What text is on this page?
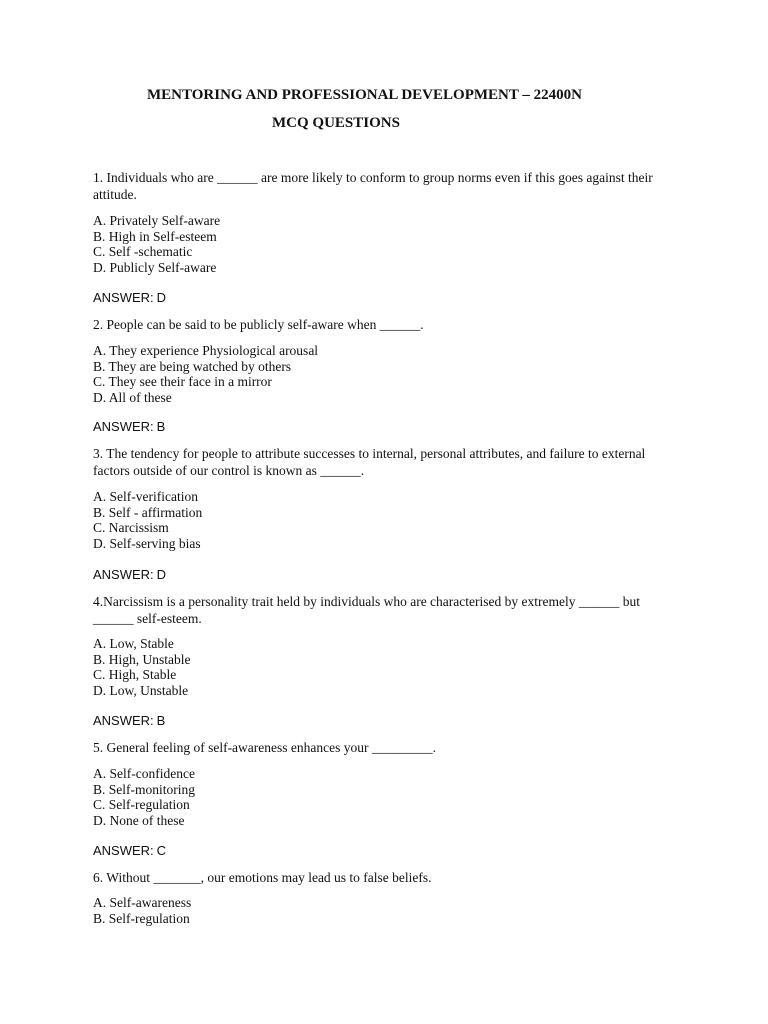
MENTORING AND PROFESSIONAL DEVELOPMENT – 22400N
MCQ QUESTIONS

1. Individuals who are ______ are more likely to conform to group norms even if this goes against their attitude.

A. Privately Self-aware
B. High in Self-esteem
C. Self -schematic
D. Publicly Self-aware

ANSWER: D

2. People can be said to be publicly self-aware when ______.

A. They experience Physiological arousal
B. They are being watched by others
C. They see their face in a mirror
D. All of these

ANSWER: B

3. The tendency for people to attribute successes to internal, personal attributes, and failure to external factors outside of our control is known as ______.

A. Self-verification
B. Self - affirmation
C. Narcissism
D. Self-serving bias

ANSWER: D

4.Narcissism is a personality trait held by individuals who are characterised by extremely ______ but ______ self-esteem.

A. Low, Stable
B. High, Unstable
C. High, Stable
D. Low, Unstable

ANSWER: B

5. General feeling of self-awareness enhances your _________.

A. Self-confidence
B. Self-monitoring
C. Self-regulation
D. None of these

ANSWER: C

6. Without _______, our emotions may lead us to false beliefs.

A. Self-awareness
B. Self-regulation
